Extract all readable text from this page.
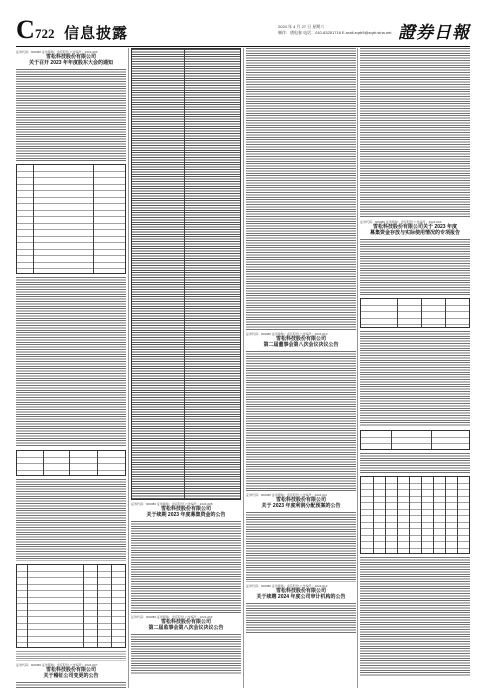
C 722 信息披露	2024 年 4 月 27 日 星期六
制作：唐电春 电话：010-83251716 E-mail:zqrb9@zqrb.sina.net 證券日報
证券代码：600080 证券简称：金花股份 公告编号：2024-005
雪松科技股份有限公司
关于召开 2023 年年度股东大会的通知
证券代码：600080 证券简称：金花股份 公告编号：2024-007
雪松科技股份有限公司
关于稽征公司变更的公告
证券代码：600080 证券简称：金花股份 公告编号：2024-008
雪松科技股份有限公司
关于续期 2023 年度募集资金的公告
证券代码：600080 证券简称：金花股份 公告编号：2024-009
雪松科技股份有限公司
第二届监事会第八次会议决议公告
证券代码：600080 证券简称：金花股份 公告编号：2024-010
雪松科技股份有限公司
第二届董事会第八次会议决议公告
证券代码：600080 证券简称：金花股份 公告编号：2024-011
雪松科技股份有限公司
关于 2023 年度利润分配预案的公告
证券代码：600080 证券简称：金花股份 公告编号：2024-012
雪松科技股份有限公司
关于续聘 2024 年度公司审计机构的公告
证券代码：600080 证券简称：金花股份 公告编号：2024-006
雪松科技股份有限公司关于 2023 年度
募集资金存放与实际使用情况的专项报告
